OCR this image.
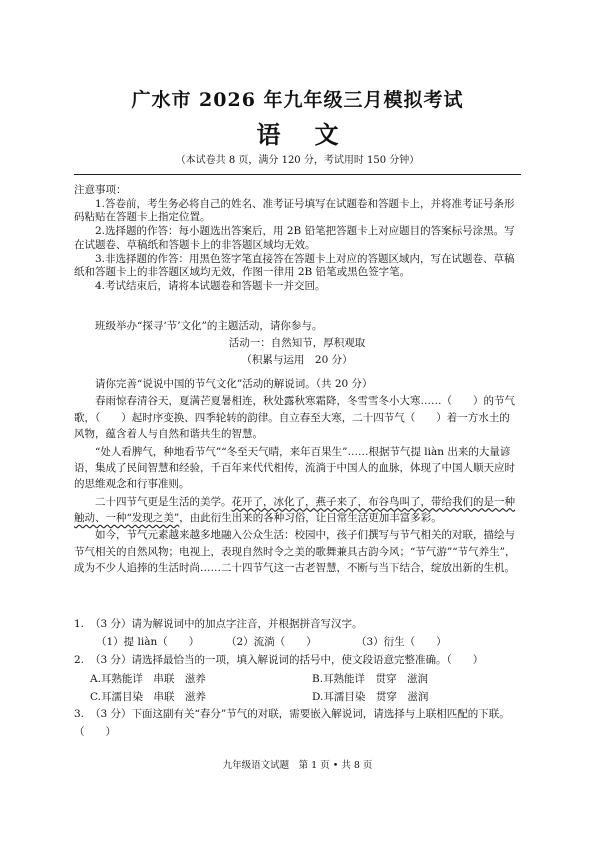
广水市 2026 年九年级三月模拟考试
语文
（本试卷共 8 页，满分 120 分，考试用时 150 分钟）

注意事项：

1.答卷前，考生务必将自己的姓名、准考证号填写在试题卷和答题卡上，并将准考证号条形码粘贴在答题卡上指定位置。

2.选择题的作答：每小题选出答案后，用 2B 铅笔把答题卡上对应题目的答案标号涂黑。写在试题卷、草稿纸和答题卡上的非答题区域均无效。

3.非选择题的作答：用黑色签字笔直接答在答题卡上对应的答题区域内，写在试题卷、草稿纸和答题卡上的非答题区域均无效，作图一律用 2B 铅笔或黑色签字笔。

4.考试结束后，请将本试题卷和答题卡一并交回。

班级举办“探寻‘节’文化”的主题活动，请你参与。

活动一：自然知节，厚积观取

（积累与运用　20 分）

请你完善“说说中国的节气文化”活动的解说词。（共 20 分）

春雨惊春清谷天，夏满芒夏暑相连，秋处露秋寒霜降，冬雪雪冬小大寒……（　　）的节气歌，（　　）起时序变换、四季轮转的韵律。自立春至大寒，二十四节气（　　）着一方水土的风物，蕴含着人与自然和谐共生的智慧。

“处人看脾气，种地看节气”“冬至天气晴，来年百果生”……根据节气提 liàn 出来的大量谚语，集成了民间智慧和经验，千百年来代代相传，流淌于中国人的血脉，体现了中国人顺天应时的思维观念和行事准则。

二十四节气更是生活的美学。花开了，冰化了，燕子来了，布谷鸟叫了，带给我们的是一种触动、一种“发现之美”，由此衍生出来的各种习俗，让日常生活更加丰富多彩。

如今，节气元素越来越多地融入公众生活：校园中，孩子们撰写与节气相关的对联，描绘与节气相关的自然风物；电视上，表现自然时令之美的歌舞兼具古韵今风；“节气游”“节气养生”，成为不少人追捧的生活时尚……二十四节气这一古老智慧，不断与当下结合，绽放出新的生机。

1. （3 分）请为解说词中的加点字注音，并根据拼音写汉字。

（1）提 liàn（　　）	（2）流淌（　　）	（3）衍生（　　）

2. （3 分）请选择最恰当的一项，填入解说词的括号中，使文段语意完整准确。（　　）

A.耳熟能详　串联　滋养	B.耳熟能详　贯穿　滋润
C.耳濡目染　串联　滋养	D.耳濡目染　贯穿　滋润

3. （3 分）下面这副有关“春分”节气的对联，需要嵌入解说词，请选择与上联相匹配的下联。（　　）

九年级语文试题　第 1 页 • 共 8 页
